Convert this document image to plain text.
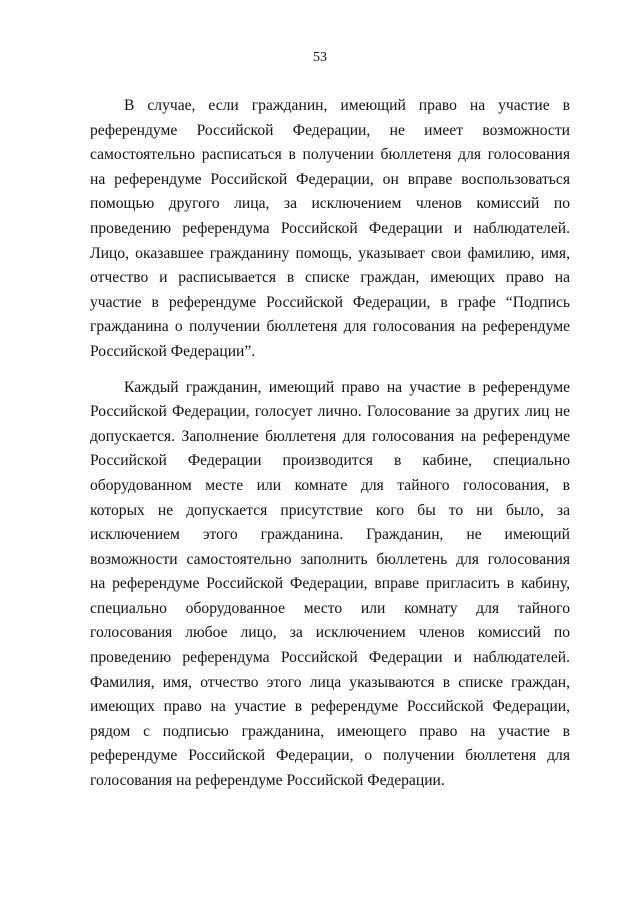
53

В случае, если гражданин, имеющий право на участие в
референдуме Российской Федерации, не имеет возможности
самостоятельно расписаться в получении бюллетеня для голосования
на референдуме Российской Федерации, он вправе воспользоваться
помощью другого лица, за исключением членов комиссий по
проведению референдума Российской Федерации и наблюдателей.
Лицо, оказавшее гражданину помощь, указывает свои фамилию, имя,
отчество и расписывается в списке граждан, имеющих право на
участие в референдуме Российской Федерации, в графе “Подпись
гражданина о получении бюллетеня для голосования на референдуме
Российской Федерации”.

Каждый гражданин, имеющий право на участие в референдуме
Российской Федерации, голосует лично. Голосование за других лиц не
допускается. Заполнение бюллетеня для голосования на референдуме
Российской Федерации производится в кабине, специально
оборудованном месте или комнате для тайного голосования, в
которых не допускается присутствие кого бы то ни было, за
исключением этого гражданина. Гражданин, не имеющий
возможности самостоятельно заполнить бюллетень для голосования
на референдуме Российской Федерации, вправе пригласить в кабину,
специально оборудованное место или комнату для тайного
голосования любое лицо, за исключением членов комиссий по
проведению референдума Российской Федерации и наблюдателей.
Фамилия, имя, отчество этого лица указываются в списке граждан,
имеющих право на участие в референдуме Российской Федерации,
рядом с подписью гражданина, имеющего право на участие в
референдуме Российской Федерации, о получении бюллетеня для
голосования на референдуме Российской Федерации.
